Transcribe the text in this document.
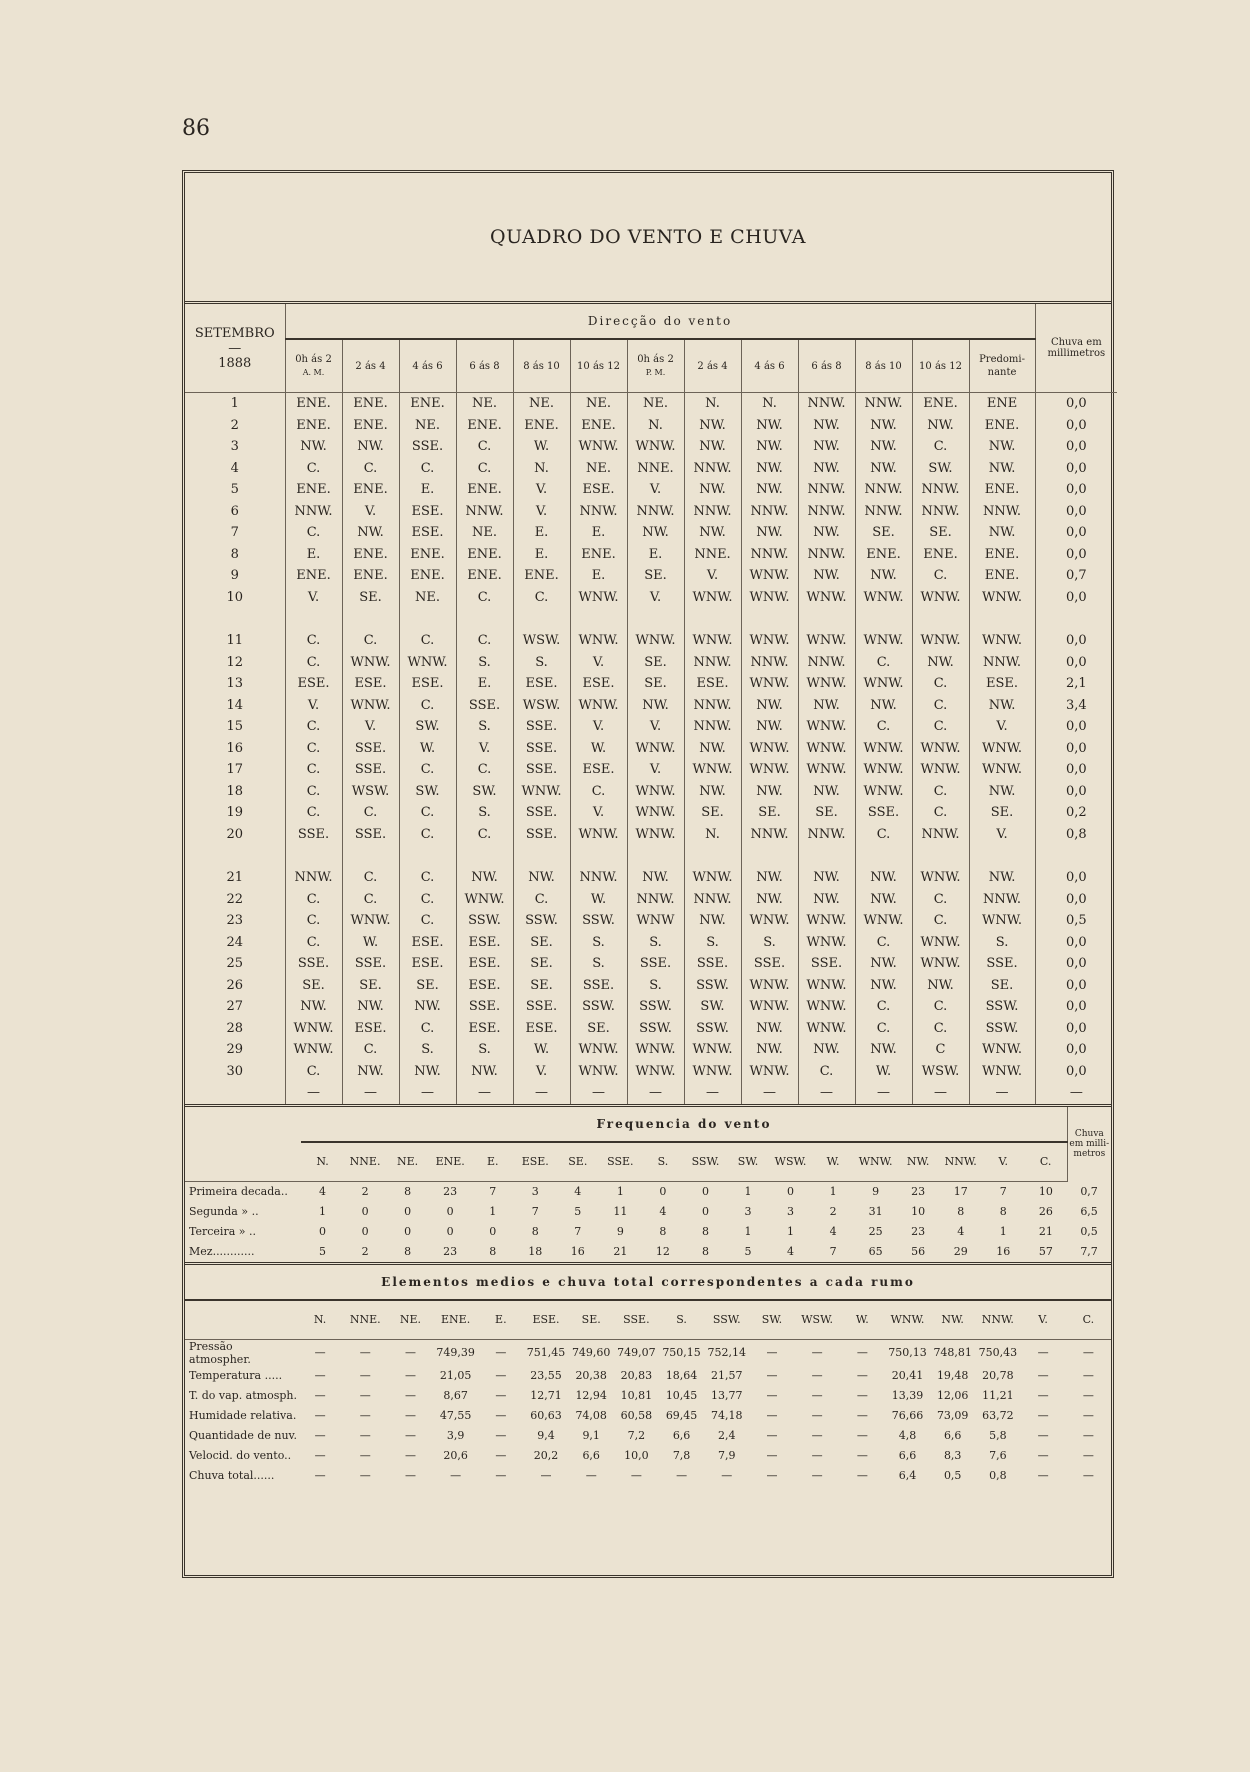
86
QUADRO DO VENTO E CHUVA
SETEMBRO
—
1888	Direcção do vento													Chuva em millimetros
	0h ás 2
A. M.	2 ás 4	4 ás 6	6 ás 8	8 ás 10	10 ás 12	0h ás 2
P. M.	2 ás 4	4 ás 6	6 ás 8	8 ás 10	10 ás 12	Predomi- nante	
1	ENE.	ENE.	ENE.	NE.	NE.	NE.	NE.	N.	N.	NNW.	NNW.	ENE.	ENE	0,0
2	ENE.	ENE.	NE.	ENE.	ENE.	ENE.	N.	NW.	NW.	NW.	NW.	NW.	ENE.	0,0
3	NW.	NW.	SSE.	C.	W.	WNW.	WNW.	NW.	NW.	NW.	NW.	C.	NW.	0,0
4	C.	C.	C.	C.	N.	NE.	NNE.	NNW.	NW.	NW.	NW.	SW.	NW.	0,0
5	ENE.	ENE.	E.	ENE.	V.	ESE.	V.	NW.	NW.	NNW.	NNW.	NNW.	ENE.	0,0
6	NNW.	V.	ESE.	NNW.	V.	NNW.	NNW.	NNW.	NNW.	NNW.	NNW.	NNW.	NNW.	0,0
7	C.	NW.	ESE.	NE.	E.	E.	NW.	NW.	NW.	NW.	SE.	SE.	NW.	0,0
8	E.	ENE.	ENE.	ENE.	E.	ENE.	E.	NNE.	NNW.	NNW.	ENE.	ENE.	ENE.	0,0
9	ENE.	ENE.	ENE.	ENE.	ENE.	E.	SE.	V.	WNW.	NW.	NW.	C.	ENE.	0,7
10	V.	SE.	NE.	C.	C.	WNW.	V.	WNW.	WNW.	WNW.	WNW.	WNW.	WNW.	0,0

11	C.	C.	C.	C.	WSW.	WNW.	WNW.	WNW.	WNW.	WNW.	WNW.	WNW.	WNW.	0,0
12	C.	WNW.	WNW.	S.	S.	V.	SE.	NNW.	NNW.	NNW.	C.	NW.	NNW.	0,0
13	ESE.	ESE.	ESE.	E.	ESE.	ESE.	SE.	ESE.	WNW.	WNW.	WNW.	C.	ESE.	2,1
14	V.	WNW.	C.	SSE.	WSW.	WNW.	NW.	NNW.	NW.	NW.	NW.	C.	NW.	3,4
15	C.	V.	SW.	S.	SSE.	V.	V.	NNW.	NW.	WNW.	C.	C.	V.	0,0
16	C.	SSE.	W.	V.	SSE.	W.	WNW.	NW.	WNW.	WNW.	WNW.	WNW.	WNW.	0,0
17	C.	SSE.	C.	C.	SSE.	ESE.	V.	WNW.	WNW.	WNW.	WNW.	WNW.	WNW.	0,0
18	C.	WSW.	SW.	SW.	WNW.	C.	WNW.	NW.	NW.	NW.	WNW.	C.	NW.	0,0
19	C.	C.	C.	S.	SSE.	V.	WNW.	SE.	SE.	SE.	SSE.	C.	SE.	0,2
20	SSE.	SSE.	C.	C.	SSE.	WNW.	WNW.	N.	NNW.	NNW.	C.	NNW.	V.	0,8

21	NNW.	C.	C.	NW.	NW.	NNW.	NW.	WNW.	NW.	NW.	NW.	WNW.	NW.	0,0
22	C.	C.	C.	WNW.	C.	W.	NNW.	NNW.	NW.	NW.	NW.	C.	NNW.	0,0
23	C.	WNW.	C.	SSW.	SSW.	SSW.	WNW	NW.	WNW.	WNW.	WNW.	C.	WNW.	0,5
24	C.	W.	ESE.	ESE.	SE.	S.	S.	S.	S.	WNW.	C.	WNW.	S.	0,0
25	SSE.	SSE.	ESE.	ESE.	SE.	S.	SSE.	SSE.	SSE.	SSE.	NW.	WNW.	SSE.	0,0
26	SE.	SE.	SE.	ESE.	SE.	SSE.	S.	SSW.	WNW.	WNW.	NW.	NW.	SE.	0,0
27	NW.	NW.	NW.	SSE.	SSE.	SSW.	SSW.	SW.	WNW.	WNW.	C.	C.	SSW.	0,0
28	WNW.	ESE.	C.	ESE.	ESE.	SE.	SSW.	SSW.	NW.	WNW.	C.	C.	SSW.	0,0
29	WNW.	C.	S.	S.	W.	WNW.	WNW.	WNW.	NW.	NW.	NW.	C	WNW.	0,0
30	C.	NW.	NW.	NW.	V.	WNW.	WNW.	WNW.	WNW.	C.	W.	WSW.	WNW.	0,0
	—	—	—	—	—	—	—	—	—	—	—	—	—	—
	Frequencia do vento																		Chuva em milli- metros
	N.	NNE.	NE.	ENE.	E.	ESE.	SE.	SSE.	S.	SSW.	SW.	WSW.	W.	WNW.	NW.	NNW.	V.	C.	
Primeira decada..	4	2	8	23	7	3	4	1	0	0	1	0	1	9	23	17	7	10	0,7
Segunda » ..	1	0	0	0	1	7	5	11	4	0	3	3	2	31	10	8	8	26	6,5
Terceira » ..	0	0	0	0	0	8	7	9	8	8	1	1	4	25	23	4	1	21	0,5
Mez............	5	2	8	23	8	18	16	21	12	8	5	4	7	65	56	29	16	57	7,7
Elementos medios e chuva total correspondentes a cada rumo																		
	N.	NNE.	NE.	ENE.	E.	ESE.	SE.	SSE.	S.	SSW.	SW.	WSW.	W.	WNW.	NW.	NNW.	V.	C.
Pressão atmospher.	—	—	—	749,39	—	751,45	749,60	749,07	750,15	752,14	—	—	—	750,13	748,81	750,43	—	—
Temperatura .....	—	—	—	21,05	—	23,55	20,38	20,83	18,64	21,57	—	—	—	20,41	19,48	20,78	—	—
T. do vap. atmosph.	—	—	—	8,67	—	12,71	12,94	10,81	10,45	13,77	—	—	—	13,39	12,06	11,21	—	—
Humidade relativa.	—	—	—	47,55	—	60,63	74,08	60,58	69,45	74,18	—	—	—	76,66	73,09	63,72	—	—
Quantidade de nuv.	—	—	—	3,9	—	9,4	9,1	7,2	6,6	2,4	—	—	—	4,8	6,6	5,8	—	—
Velocid. do vento..	—	—	—	20,6	—	20,2	6,6	10,0	7,8	7,9	—	—	—	6,6	8,3	7,6	—	—
Chuva total......	—	—	—	—	—	—	—	—	—	—	—	—	—	6,4	0,5	0,8	—	—
